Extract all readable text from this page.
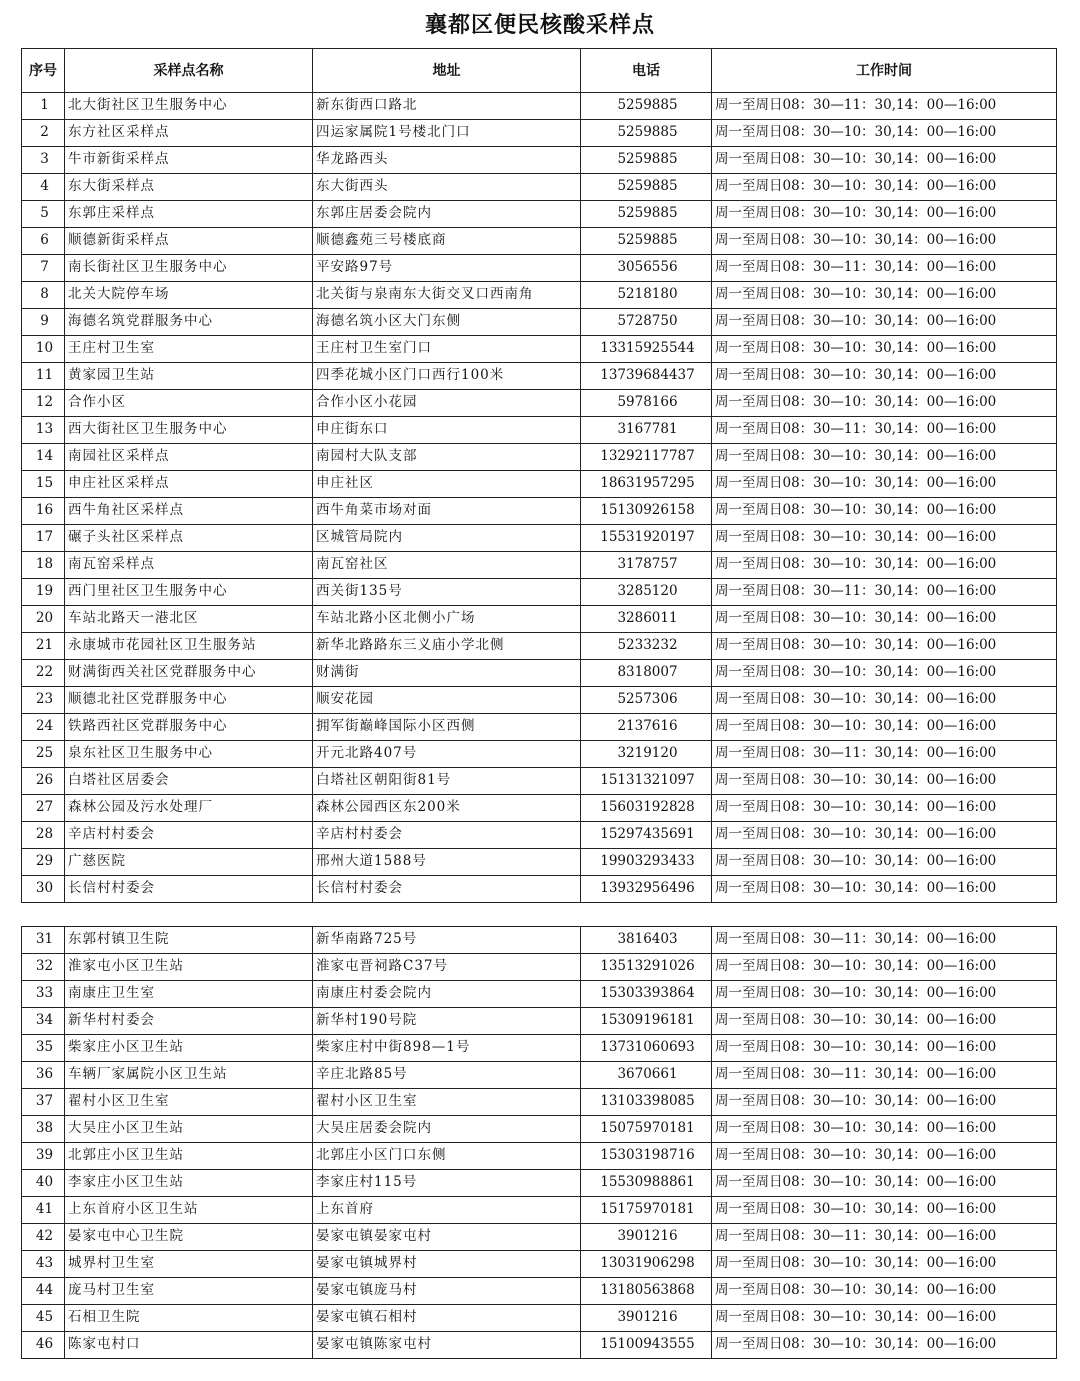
襄都区便民核酸采样点
序号	采样点名称	地址	电话	工作时间
1	北大街社区卫生服务中心	新东街西口路北	5259885	周一至周日08：30—11：30,14：00—16:00
2	东方社区采样点	四运家属院1号楼北门口	5259885	周一至周日08：30—10：30,14：00—16:00
3	牛市新街采样点	华龙路西头	5259885	周一至周日08：30—10：30,14：00—16:00
4	东大街采样点	东大街西头	5259885	周一至周日08：30—10：30,14：00—16:00
5	东郭庄采样点	东郭庄居委会院内	5259885	周一至周日08：30—10：30,14：00—16:00
6	顺德新街采样点	顺德鑫苑三号楼底商	5259885	周一至周日08：30—10：30,14：00—16:00
7	南长街社区卫生服务中心	平安路97号	3056556	周一至周日08：30—11：30,14：00—16:00
8	北关大院停车场	北关街与泉南东大街交叉口西南角	5218180	周一至周日08：30—10：30,14：00—16:00
9	海德名筑党群服务中心	海德名筑小区大门东侧	5728750	周一至周日08：30—10：30,14：00—16:00
10	王庄村卫生室	王庄村卫生室门口	13315925544	周一至周日08：30—10：30,14：00—16:00
11	黄家园卫生站	四季花城小区门口西行100米	13739684437	周一至周日08：30—10：30,14：00—16:00
12	合作小区	合作小区小花园	5978166	周一至周日08：30—10：30,14：00—16:00
13	西大街社区卫生服务中心	申庄街东口	3167781	周一至周日08：30—11：30,14：00—16:00
14	南园社区采样点	南园村大队支部	13292117787	周一至周日08：30—10：30,14：00—16:00
15	申庄社区采样点	申庄社区	18631957295	周一至周日08：30—10：30,14：00—16:00
16	西牛角社区采样点	西牛角菜市场对面	15130926158	周一至周日08：30—10：30,14：00—16:00
17	碾子头社区采样点	区城管局院内	15531920197	周一至周日08：30—10：30,14：00—16:00
18	南瓦窑采样点	南瓦窑社区	3178757	周一至周日08：30—10：30,14：00—16:00
19	西门里社区卫生服务中心	西关街135号	3285120	周一至周日08：30—11：30,14：00—16:00
20	车站北路天一港北区	车站北路小区北侧小广场	3286011	周一至周日08：30—10：30,14：00—16:00
21	永康城市花园社区卫生服务站	新华北路路东三义庙小学北侧	5233232	周一至周日08：30—10：30,14：00—16:00
22	财满街西关社区党群服务中心	财满街	8318007	周一至周日08：30—10：30,14：00—16:00
23	顺德北社区党群服务中心	顺安花园	5257306	周一至周日08：30—10：30,14：00—16:00
24	铁路西社区党群服务中心	拥军街巅峰国际小区西侧	2137616	周一至周日08：30—10：30,14：00—16:00
25	泉东社区卫生服务中心	开元北路407号	3219120	周一至周日08：30—11：30,14：00—16:00
26	白塔社区居委会	白塔社区朝阳街81号	15131321097	周一至周日08：30—10：30,14：00—16:00
27	森林公园及污水处理厂	森林公园西区东200米	15603192828	周一至周日08：30—10：30,14：00—16:00
28	辛店村村委会	辛店村村委会	15297435691	周一至周日08：30—10：30,14：00—16:00
29	广慈医院	邢州大道1588号	19903293433	周一至周日08：30—10：30,14：00—16:00
30	长信村村委会	长信村村委会	13932956496	周一至周日08：30—10：30,14：00—16:00
31	东郭村镇卫生院	新华南路725号	3816403	周一至周日08：30—11：30,14：00—16:00
32	淮家屯小区卫生站	淮家屯晋祠路C37号	13513291026	周一至周日08：30—10：30,14：00—16:00
33	南康庄卫生室	南康庄村委会院内	15303393864	周一至周日08：30—10：30,14：00—16:00
34	新华村村委会	新华村190号院	15309196181	周一至周日08：30—10：30,14：00—16:00
35	柴家庄小区卫生站	柴家庄村中街898—1号	13731060693	周一至周日08：30—10：30,14：00—16:00
36	车辆厂家属院小区卫生站	辛庄北路85号	3670661	周一至周日08：30—11：30,14：00—16:00
37	翟村小区卫生室	翟村小区卫生室	13103398085	周一至周日08：30—10：30,14：00—16:00
38	大吴庄小区卫生站	大吴庄居委会院内	15075970181	周一至周日08：30—10：30,14：00—16:00
39	北郭庄小区卫生站	北郭庄小区门口东侧	15303198716	周一至周日08：30—10：30,14：00—16:00
40	李家庄小区卫生站	李家庄村115号	15530988861	周一至周日08：30—10：30,14：00—16:00
41	上东首府小区卫生站	上东首府	15175970181	周一至周日08：30—10：30,14：00—16:00
42	晏家屯中心卫生院	晏家屯镇晏家屯村	3901216	周一至周日08：30—11：30,14：00—16:00
43	城界村卫生室	晏家屯镇城界村	13031906298	周一至周日08：30—10：30,14：00—16:00
44	庞马村卫生室	晏家屯镇庞马村	13180563868	周一至周日08：30—10：30,14：00—16:00
45	石相卫生院	晏家屯镇石相村	3901216	周一至周日08：30—10：30,14：00—16:00
46	陈家屯村口	晏家屯镇陈家屯村	15100943555	周一至周日08：30—10：30,14：00—16:00
